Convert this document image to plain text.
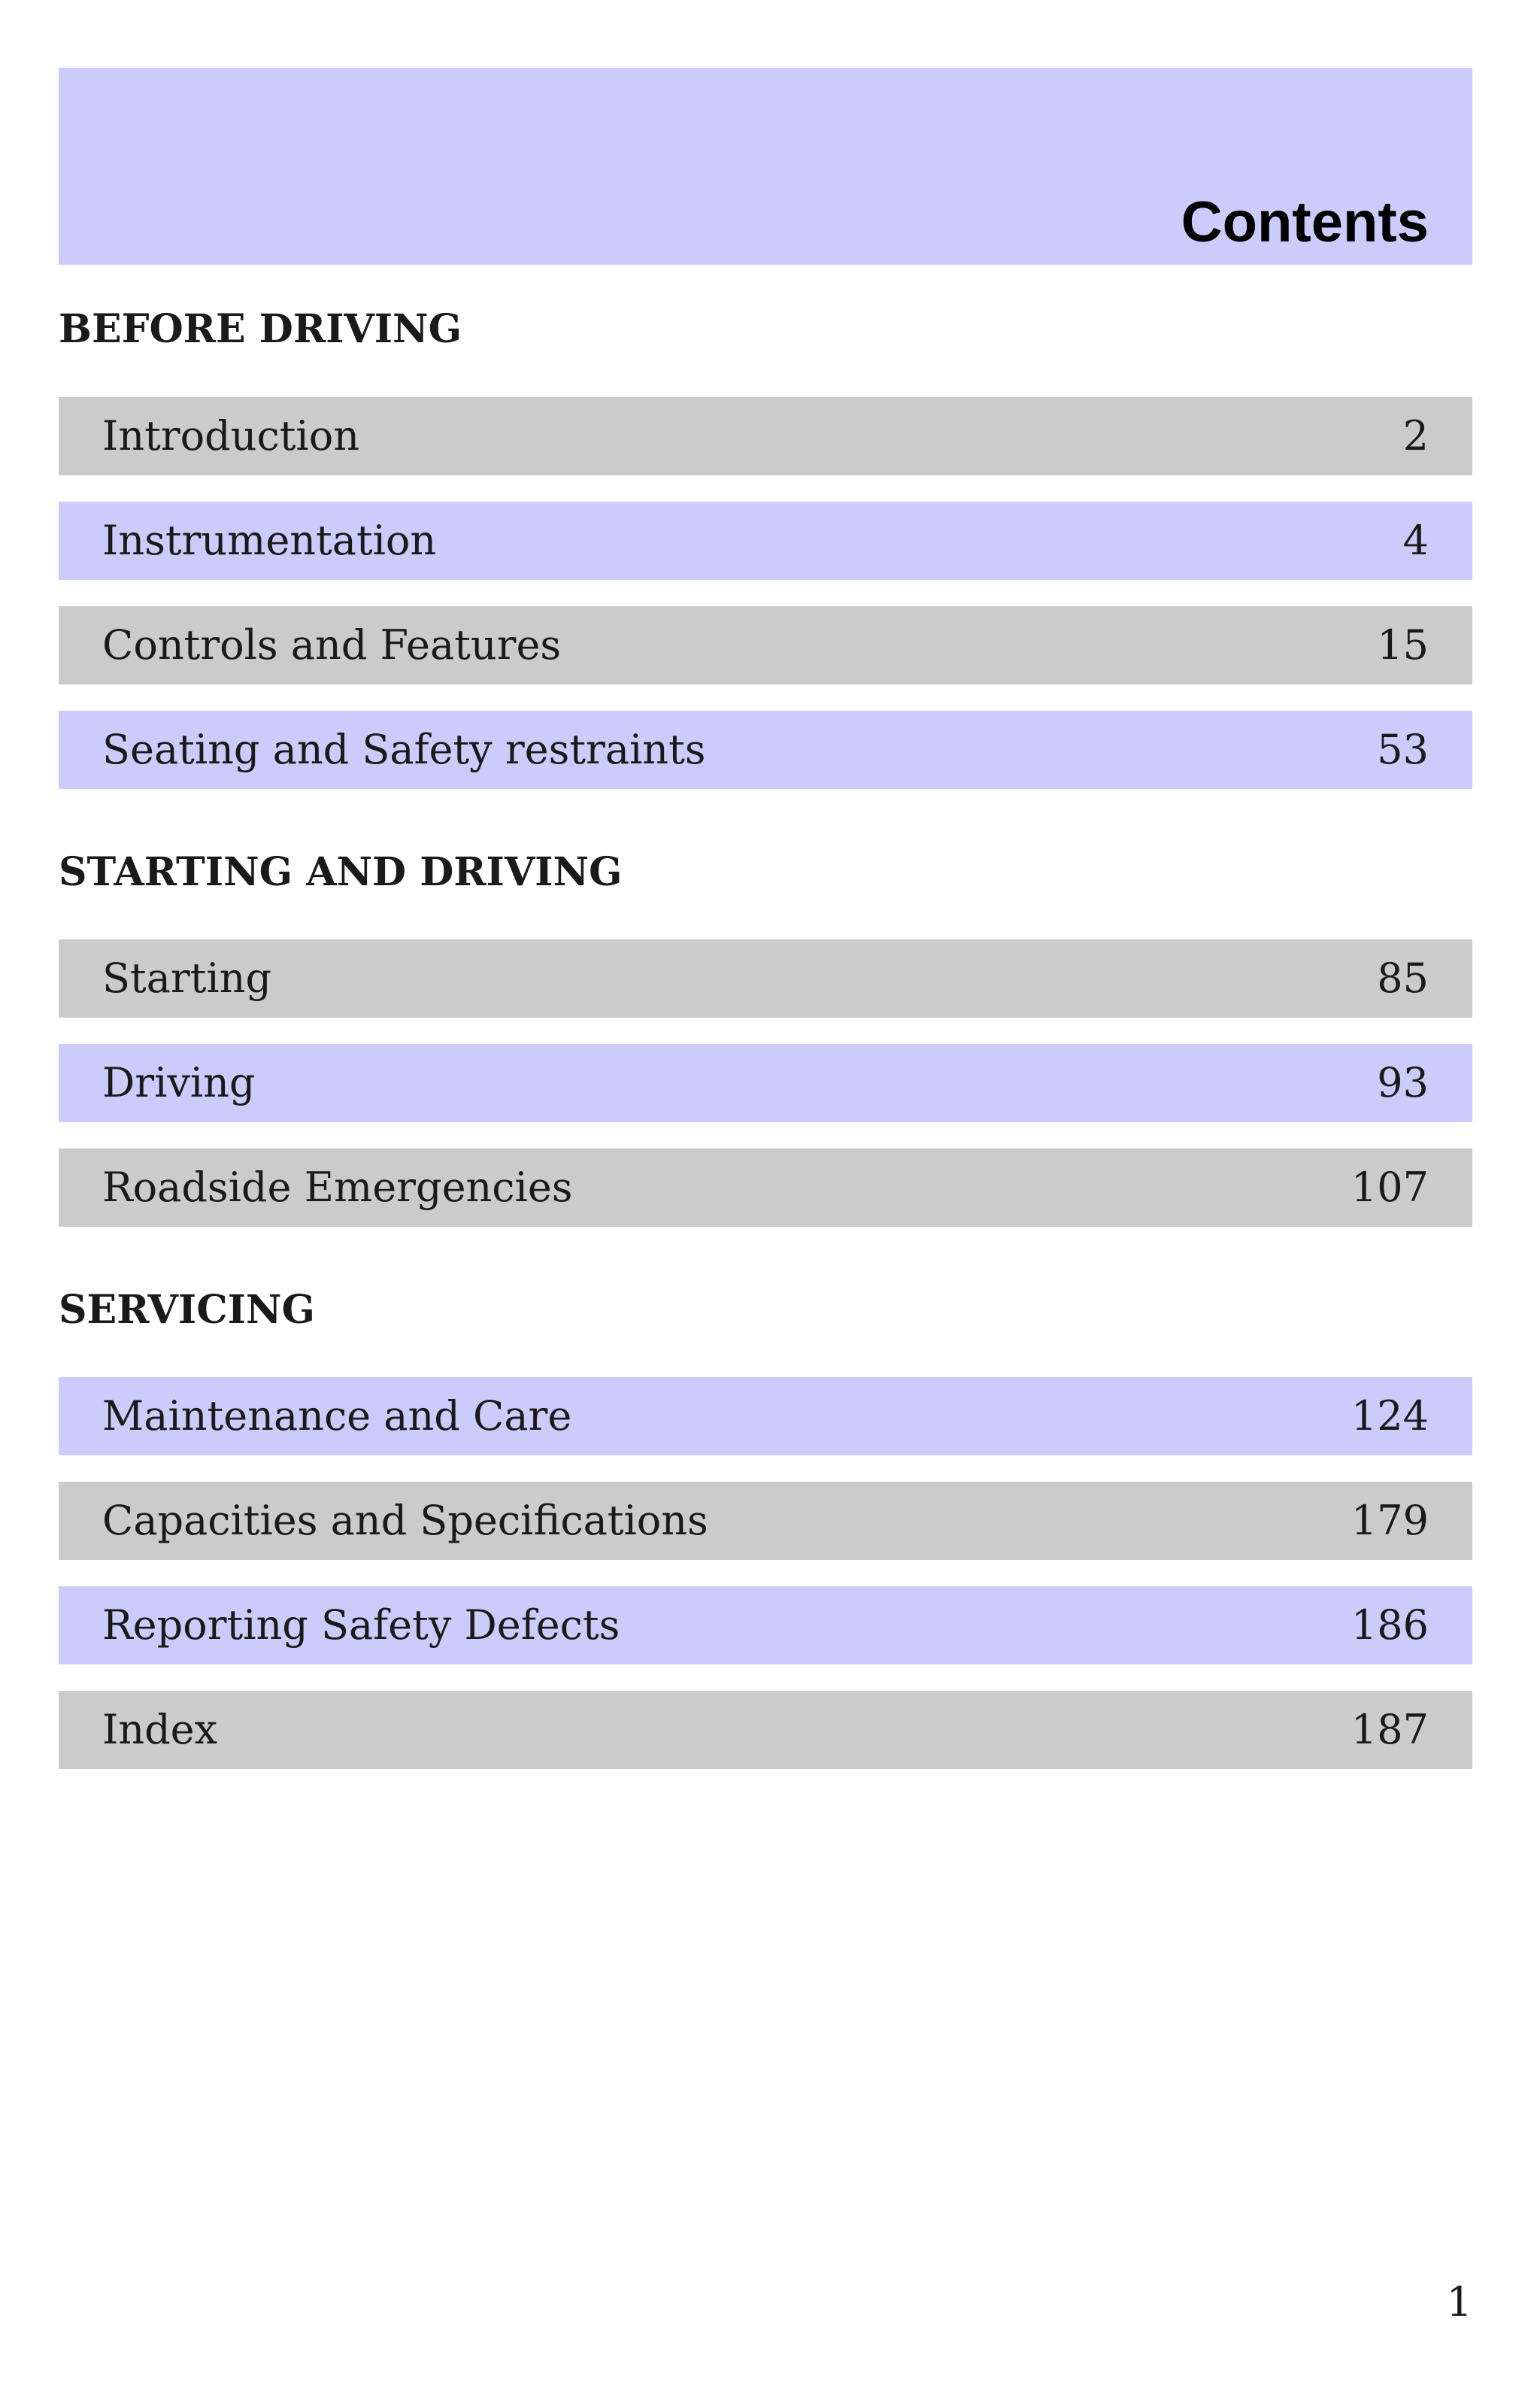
Contents
BEFORE DRIVING
Introduction	2
Instrumentation	4
Controls and Features	15
Seating and Safety restraints	53
STARTING AND DRIVING
Starting	85
Driving	93
Roadside Emergencies	107
SERVICING
Maintenance and Care	124
Capacities and Specifications	179
Reporting Safety Defects	186
Index	187
1
